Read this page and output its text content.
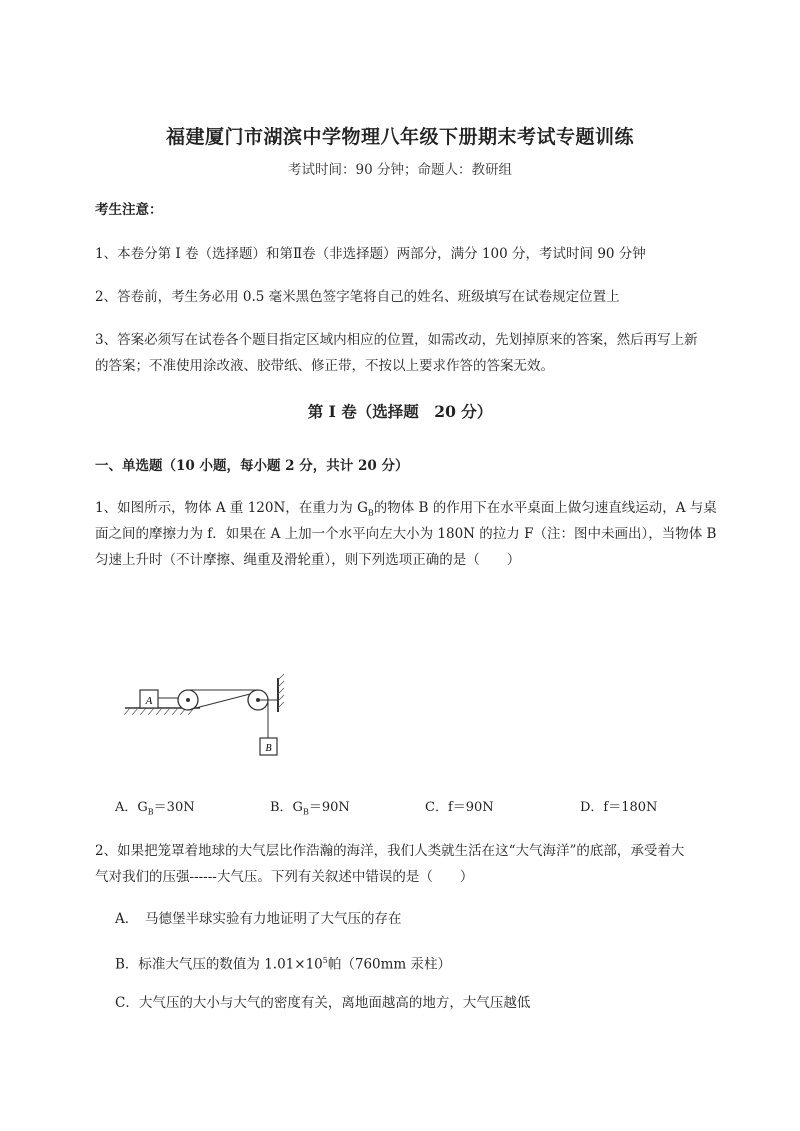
福建厦门市湖滨中学物理八年级下册期末考试专题训练
考试时间：90 分钟；命题人：教研组
考生注意：
1、本卷分第 I 卷（选择题）和第Ⅱ卷（非选择题）两部分，满分 100 分，考试时间 90 分钟
2、答卷前，考生务必用 0.5 毫米黑色签字笔将自己的姓名、班级填写在试卷规定位置上
3、答案必须写在试卷各个题目指定区域内相应的位置，如需改动，先划掉原来的答案，然后再写上新
的答案；不准使用涂改液、胶带纸、修正带，不按以上要求作答的答案无效。
第 I 卷（选择题　20 分）
一、单选题（10 小题，每小题 2 分，共计 20 分）
1、如图所示，物体 A 重 120N，在重力为 $G_B$的物体 B 的作用下在水平桌面上做匀速直线运动，A 与桌
面之间的摩擦力为 f．如果在 A 上加一个水平向左大小为 180N 的拉力 F（注：图中未画出），当物体 B
匀速上升时（不计摩擦、绳重及滑轮重），则下列选项正确的是（　　）
A
B
A．$G_B=30N$	B．$G_B=90N$	C．f＝90N	D．f＝180N
2、如果把笼罩着地球的大气层比作浩瀚的海洋，我们人类就生活在这“大气海洋”的底部，承受着大
气对我们的压强------大气压。下列有关叙述中错误的是（　　）
A．　马德堡半球实验有力地证明了大气压的存在
B．标准大气压的数值为 $1.01\times 10^5$帕（760mm 汞柱）
C．大气压的大小与大气的密度有关，离地面越高的地方，大气压越低
